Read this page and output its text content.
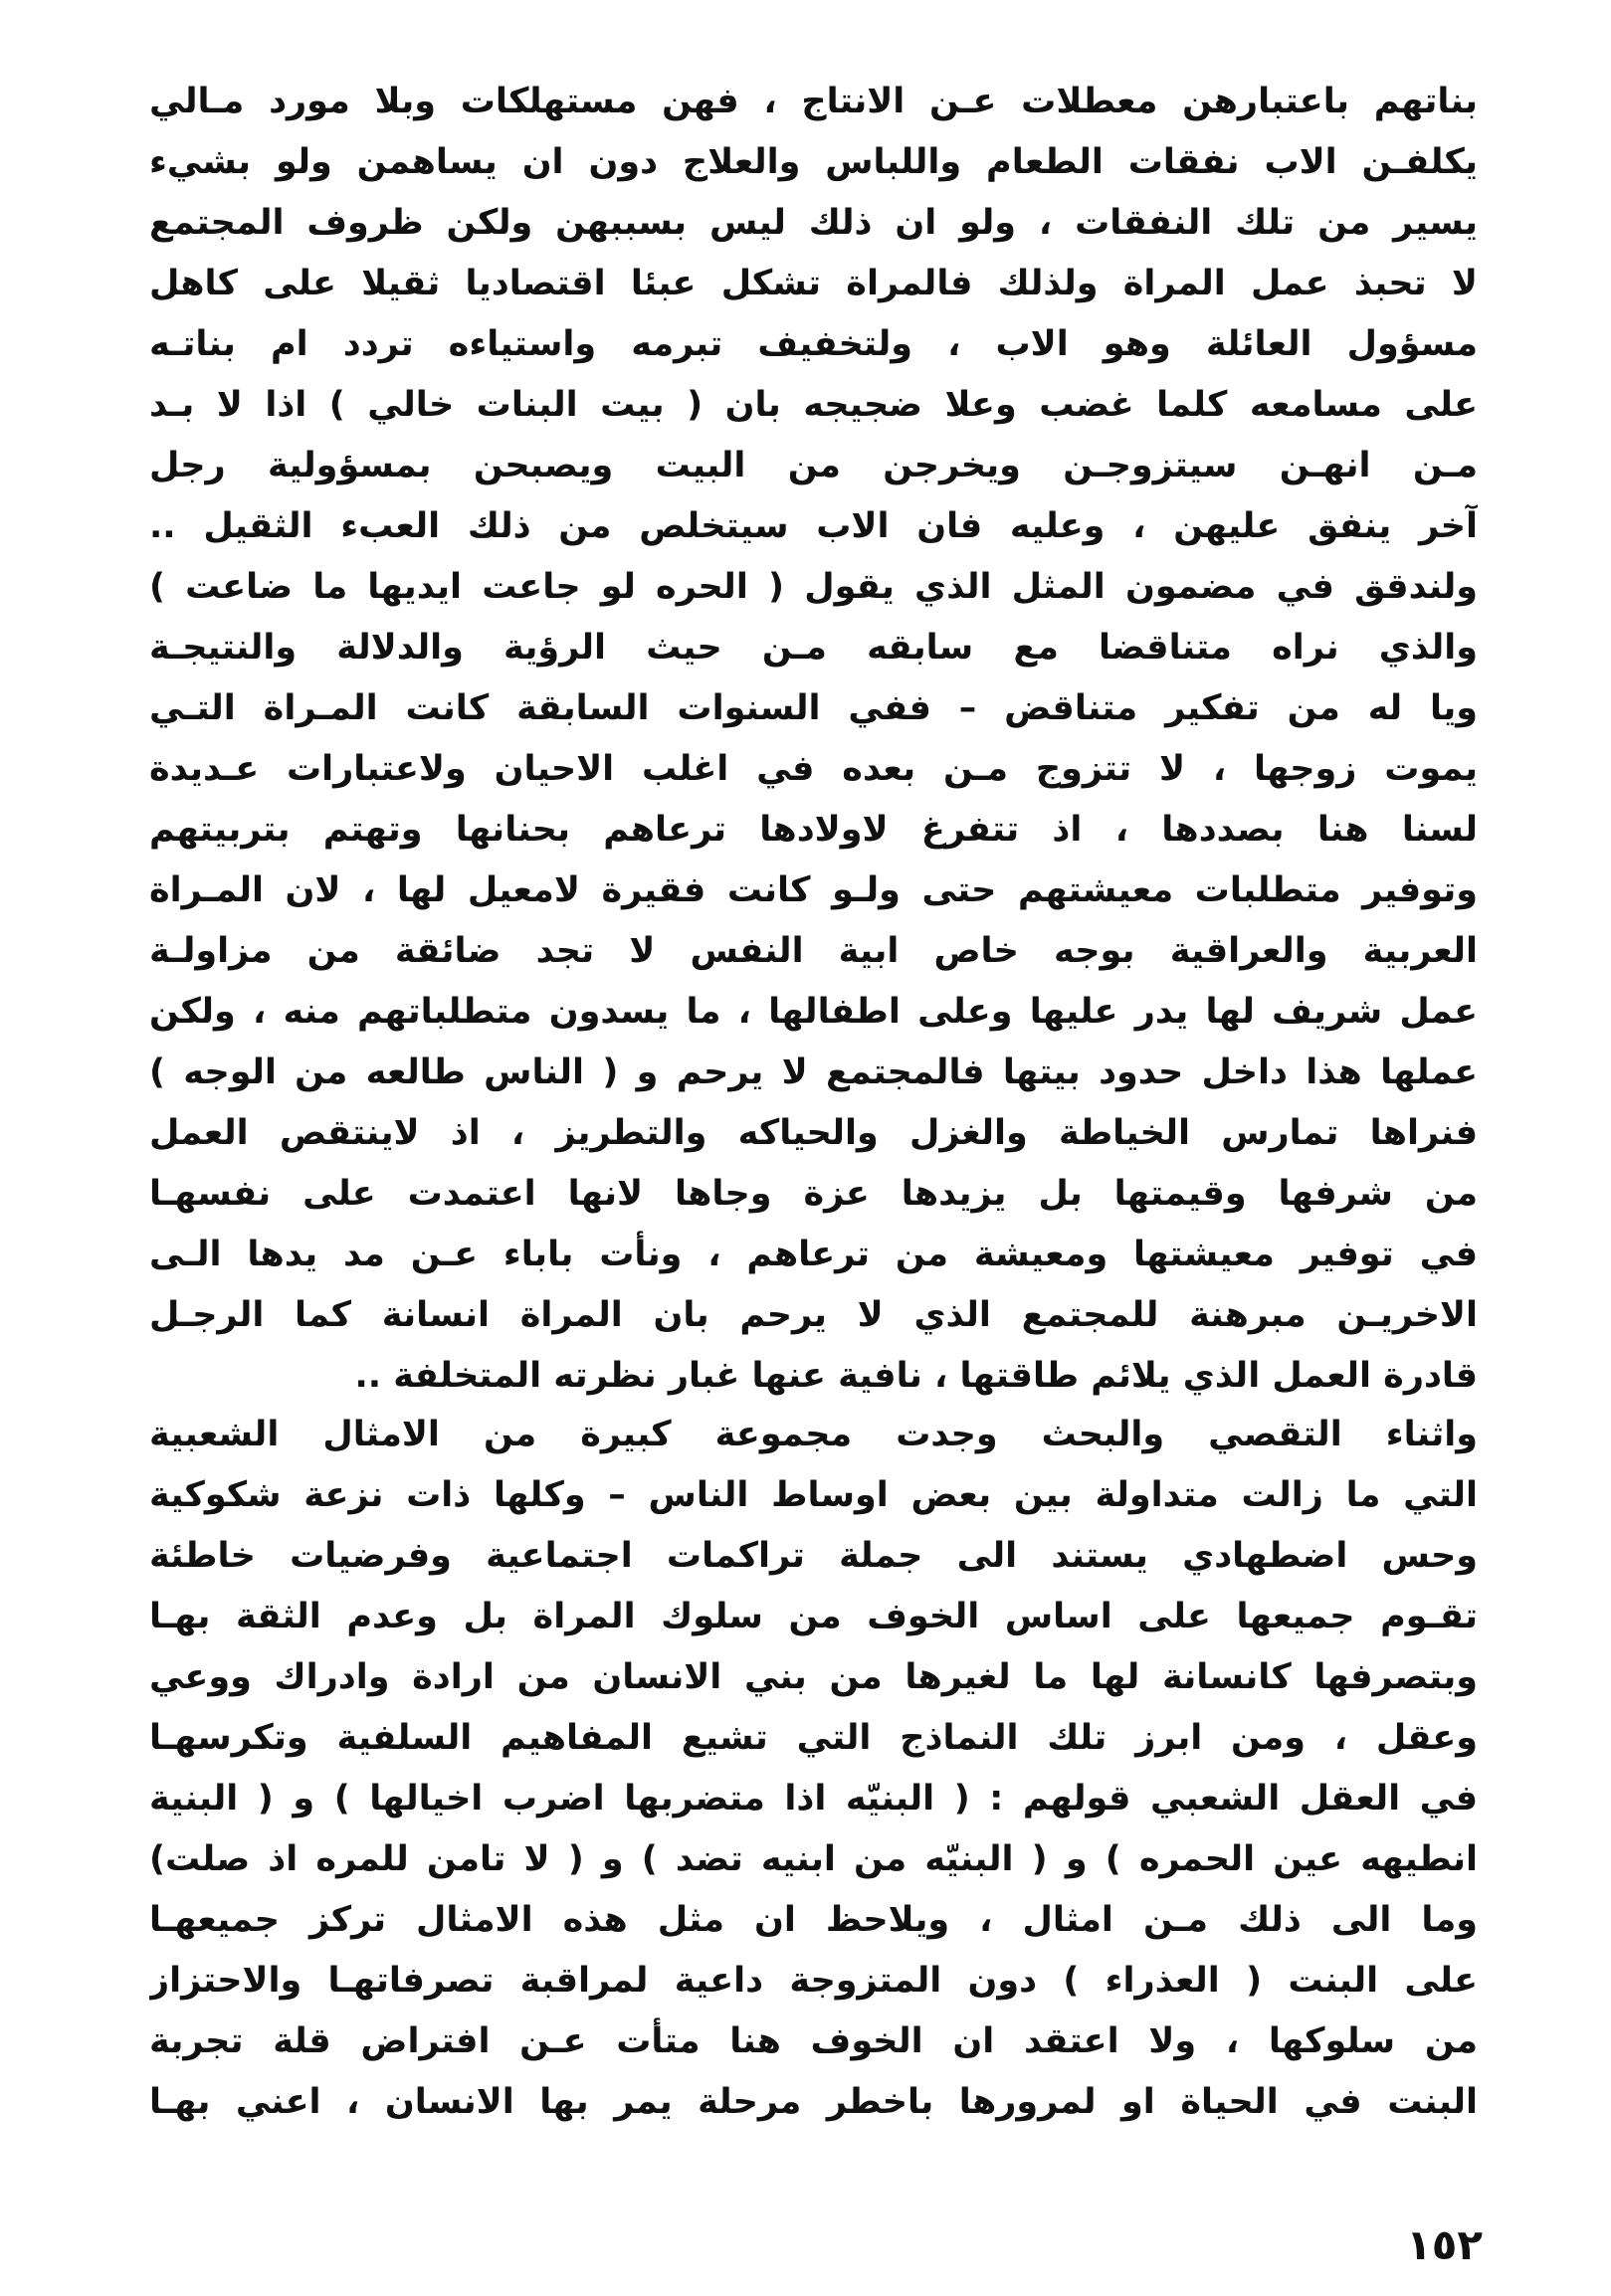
بناتهم باعتبارهن معطلات عـن الانتاج ، فهن مستهلكات وبلا مورد مـالي
يكلفـن الاب نفقات الطعام واللباس والعلاج دون ان يساهمن ولو بشيء
يسير من تلك النفقات ، ولو ان ذلك ليس بسببهن ولكن ظروف المجتمع
لا تحبذ عمل المراة ولذلك فالمراة تشكل عبئا اقتصاديا ثقيلا على كاهل
مسؤول العائلة وهو الاب ، ولتخفيف تبرمه واستياءه تردد ام بناتـه
على مسامعه كلما غضب وعلا ضجيجه بان ( بيت البنات خالي ) اذا لا بـد
مـن انهـن سيتزوجـن ويخرجن من البيت ويصبحن بمسؤولية رجل
آخر ينفق عليهن ، وعليه فان الاب سيتخلص من ذلك العبء الثقيل ..
ولندقق في مضمون المثل الذي يقول ( الحره لو جاعت ايديها ما ضاعت )
والذي نراه متناقضا مع سابقه مـن حيث الرؤية والدلالة والنتيجـة
ويا له من تفكير متناقض – ففي السنوات السابقة كانت المـراة التـي
يموت زوجها ، لا تتزوج مـن بعده في اغلب الاحيان ولاعتبارات عـديدة
لسنا هنا بصددها ، اذ تتفرغ لاولادها ترعاهم بحنانها وتهتم بتربيتهم
وتوفير متطلبات معيشتهم حتى ولـو كانت فقيرة لامعيل لها ، لان المـراة
العربية والعراقية بوجه خاص ابية النفس لا تجد ضائقة من مزاولـة
عمل شريف لها يدر عليها وعلى اطفالها ، ما يسدون متطلباتهم منه ، ولكن
عملها هذا داخل حدود بيتها فالمجتمع لا يرحم و ( الناس طالعه من الوجه )
فنراها تمارس الخياطة والغزل والحياكه والتطريز ، اذ لاينتقص العمل
من شرفها وقيمتها بل يزيدها عزة وجاها لانها اعتمدت على نفسهـا
في توفير معيشتها ومعيشة من ترعاهم ، ونأت باباء عـن مد يدها الـى
الاخريـن مبرهنة للمجتمع الذي لا يرحم بان المراة انسانة كما الرجـل
قادرة العمل الذي يلائم طاقتها ، نافية عنها غبار نظرته المتخلفة ..
واثناء التقصي والبحث وجدت مجموعة كبيرة من الامثال الشعبية
التي ما زالت متداولة بين بعض اوساط الناس – وكلها ذات نزعة شكوكية
وحس اضطهادي يستند الى جملة تراكمات اجتماعية وفرضيات خاطئة
تقـوم جميعها على اساس الخوف من سلوك المراة بل وعدم الثقة بهـا
وبتصرفها كانسانة لها ما لغيرها من بني الانسان من ارادة وادراك ووعي
وعقل ، ومن ابرز تلك النماذج التي تشيع المفاهيم السلفية وتكرسهـا
في العقل الشعبي قولهم : ( البنيّه اذا متضربها اضرب اخيالها ) و ( البنية
انطيهه عين الحمره ) و ( البنيّه من ابنيه تضد ) و ( لا تامن للمره اذ صلت)
وما الى ذلك مـن امثال ، ويلاحظ ان مثل هذه الامثال تركز جميعهـا
على البنت ( العذراء ) دون المتزوجة داعية لمراقبة تصرفاتهـا والاحتزاز
من سلوكها ، ولا اعتقد ان الخوف هنا متأت عـن افتراض قلة تجربة
البنت في الحياة او لمرورها باخطر مرحلة يمر بها الانسان ، اعني بهـا
١٥٢
